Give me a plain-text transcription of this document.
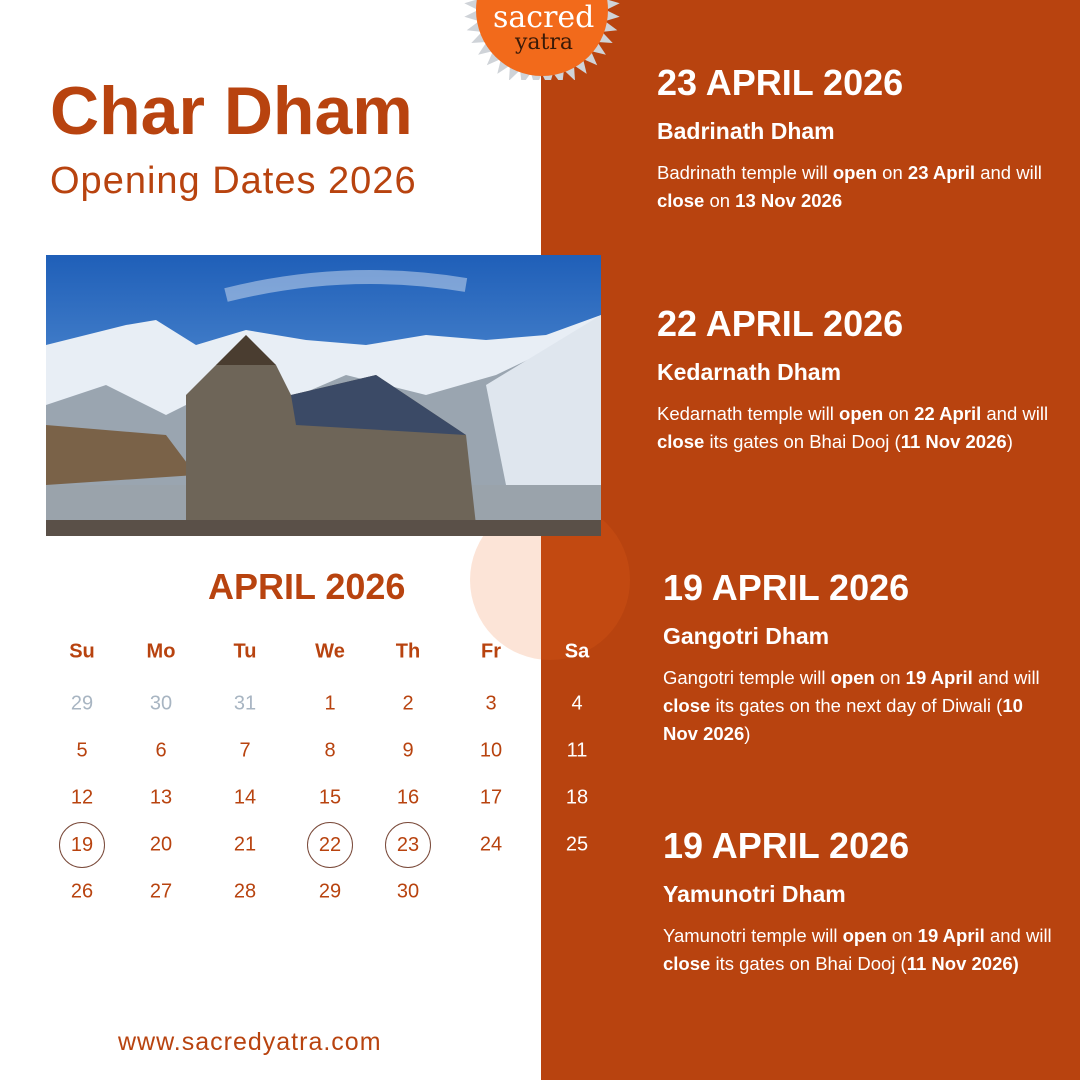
sacred
yatra
Char Dham
Opening Dates 2026
APRIL 2026
Su	Mo	Tu	We	Th	Fr	Sa
29	30	31	1	2	3	4
5	6	7	8	9	10	11
12	13	14	15	16	17	18
19	20	21	22	23	24	25
26	27	28	29	30
www.sacredyatra.com
23 APRIL 2026
Badrinath Dham
Badrinath temple will open on 23 April and will close on 13 Nov 2026
22 APRIL 2026
Kedarnath Dham
Kedarnath temple will open on 22 April and will close its gates on Bhai Dooj (11 Nov 2026)
19 APRIL 2026
Gangotri Dham
Gangotri temple will open on 19 April and will close its gates on the next day of Diwali (10 Nov 2026)
19 APRIL 2026
Yamunotri Dham
Yamunotri temple will open on 19 April and will close its gates on Bhai Dooj (11 Nov 2026)
